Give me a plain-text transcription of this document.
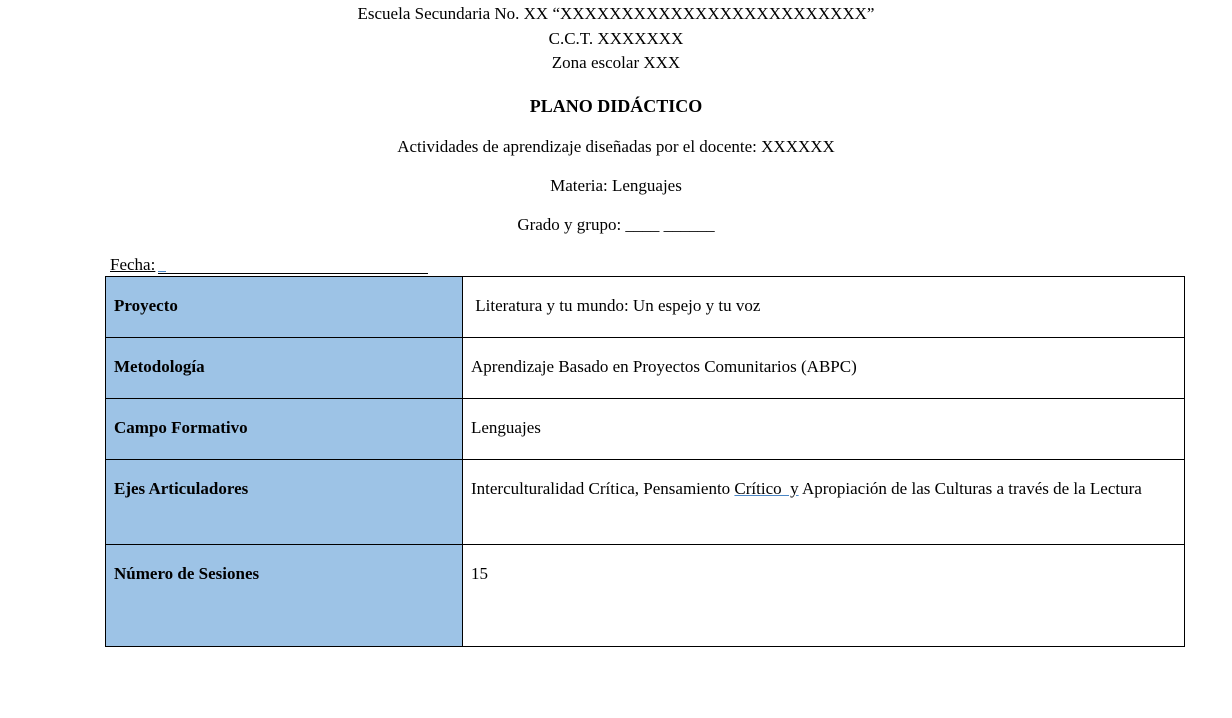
Escuela Secundaria No. XX “XXXXXXXXXXXXXXXXXXXXXXXXX”
C.C.T. XXXXXXX
Zona escolar XXX
PLANO DIDÁCTICO
Actividades de aprendizaje diseñadas por el docente: XXXXXX
Materia: Lenguajes
Grado y grupo: ____ ______
Fecha:
Proyecto	Literatura y tu mundo: Un espejo y tu voz

Metodología	Aprendizaje Basado en Proyectos Comunitarios (ABPC)

Campo Formativo	Lenguajes

Ejes Articuladores	Interculturalidad Crítica, Pensamiento Crítico  y Apropiación de las Culturas a través de la Lectura

Número de Sesiones	15
